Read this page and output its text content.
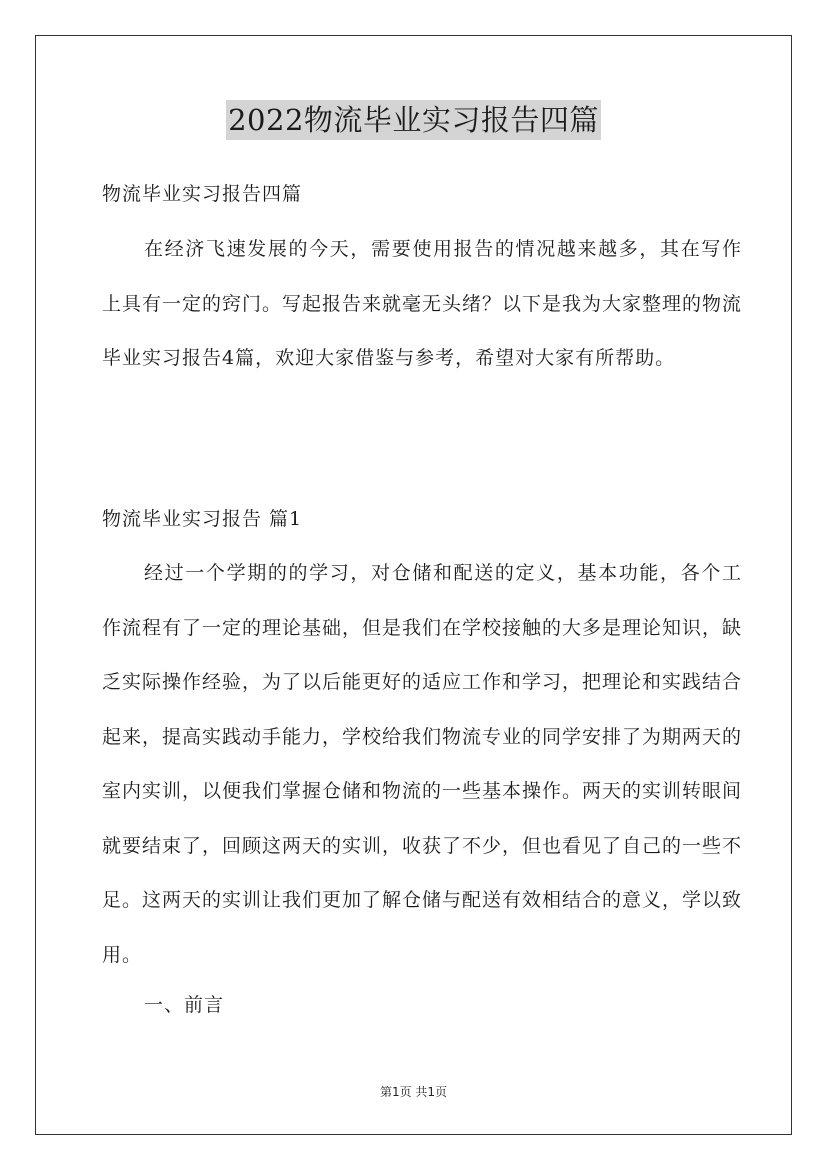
2022物流毕业实习报告四篇
物流毕业实习报告四篇
在经济飞速发展的今天，需要使用报告的情况越来越多，其在写作上具有一定的窍门。写起报告来就毫无头绪？以下是我为大家整理的物流毕业实习报告4篇，欢迎大家借鉴与参考，希望对大家有所帮助。
物流毕业实习报告 篇1
经过一个学期的的学习，对仓储和配送的定义，基本功能，各个工作流程有了一定的理论基础，但是我们在学校接触的大多是理论知识，缺乏实际操作经验，为了以后能更好的适应工作和学习，把理论和实践结合起来，提高实践动手能力，学校给我们物流专业的同学安排了为期两天的室内实训，以便我们掌握仓储和物流的一些基本操作。两天的实训转眼间就要结束了，回顾这两天的实训，收获了不少，但也看见了自己的一些不足。这两天的实训让我们更加了解仓储与配送有效相结合的意义，学以致用。
一、前言
第1页 共1页
